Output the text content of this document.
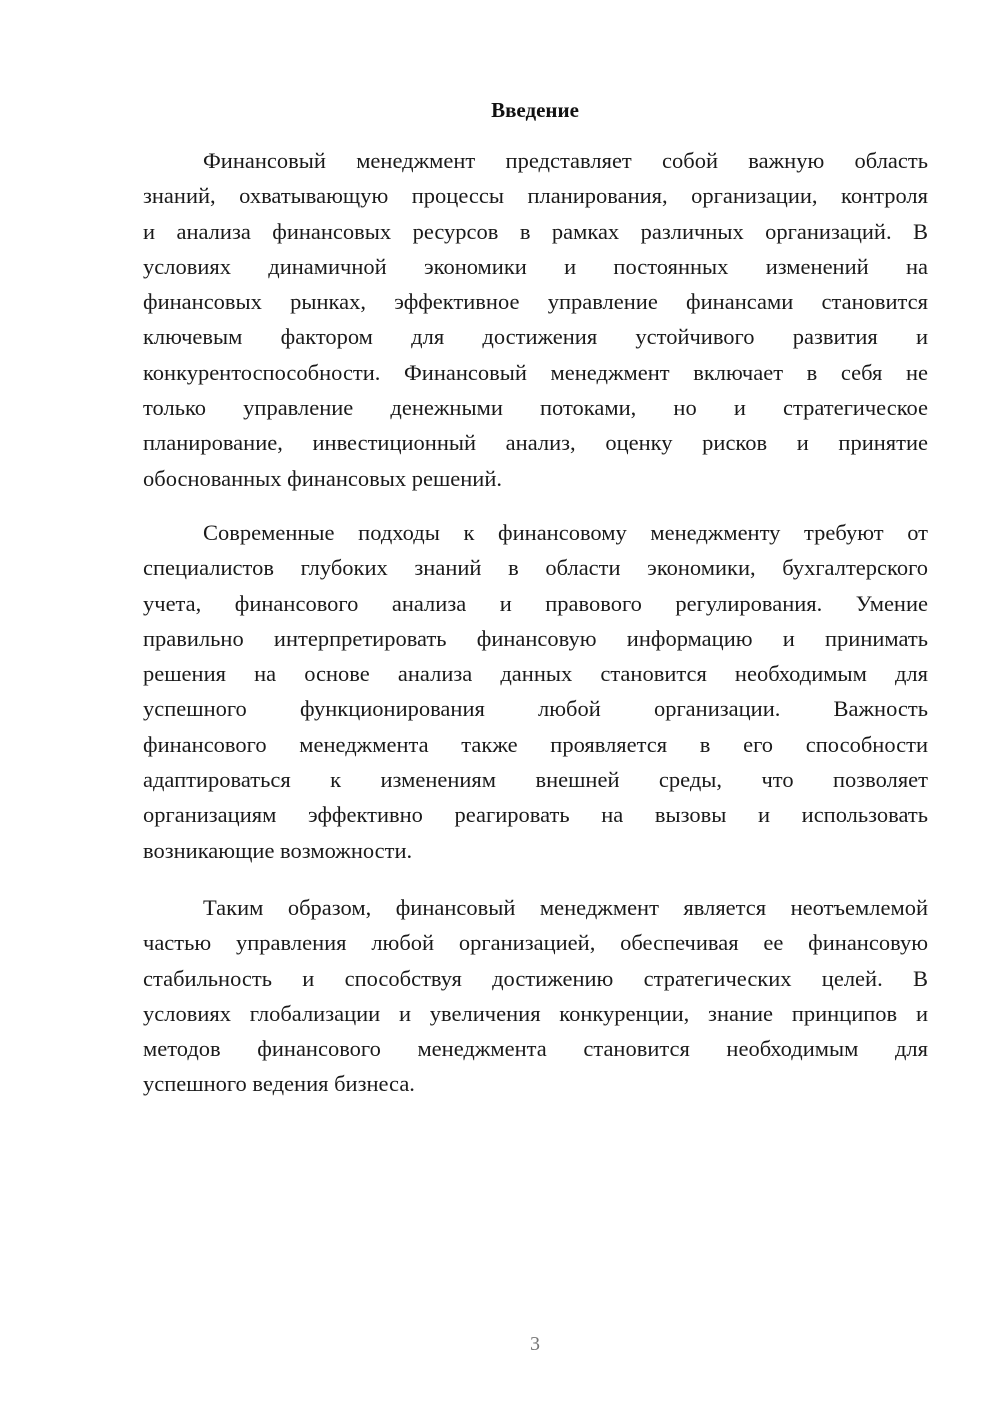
Введение
Финансовый менеджмент представляет собой важную область
знаний, охватывающую процессы планирования, организации, контроля
и анализа финансовых ресурсов в рамках различных организаций. В
условиях динамичной экономики и постоянных изменений на
финансовых рынках, эффективное управление финансами становится
ключевым фактором для достижения устойчивого развития и
конкурентоспособности. Финансовый менеджмент включает в себя не
только управление денежными потоками, но и стратегическое
планирование, инвестиционный анализ, оценку рисков и принятие
обоснованных финансовых решений.
Современные подходы к финансовому менеджменту требуют от
специалистов глубоких знаний в области экономики, бухгалтерского
учета, финансового анализа и правового регулирования. Умение
правильно интерпретировать финансовую информацию и принимать
решения на основе анализа данных становится необходимым для
успешного функционирования любой организации. Важность
финансового менеджмента также проявляется в его способности
адаптироваться к изменениям внешней среды, что позволяет
организациям эффективно реагировать на вызовы и использовать
возникающие возможности.
Таким образом, финансовый менеджмент является неотъемлемой
частью управления любой организацией, обеспечивая ее финансовую
стабильность и способствуя достижению стратегических целей. В
условиях глобализации и увеличения конкуренции, знание принципов и
методов финансового менеджмента становится необходимым для
успешного ведения бизнеса.
3
